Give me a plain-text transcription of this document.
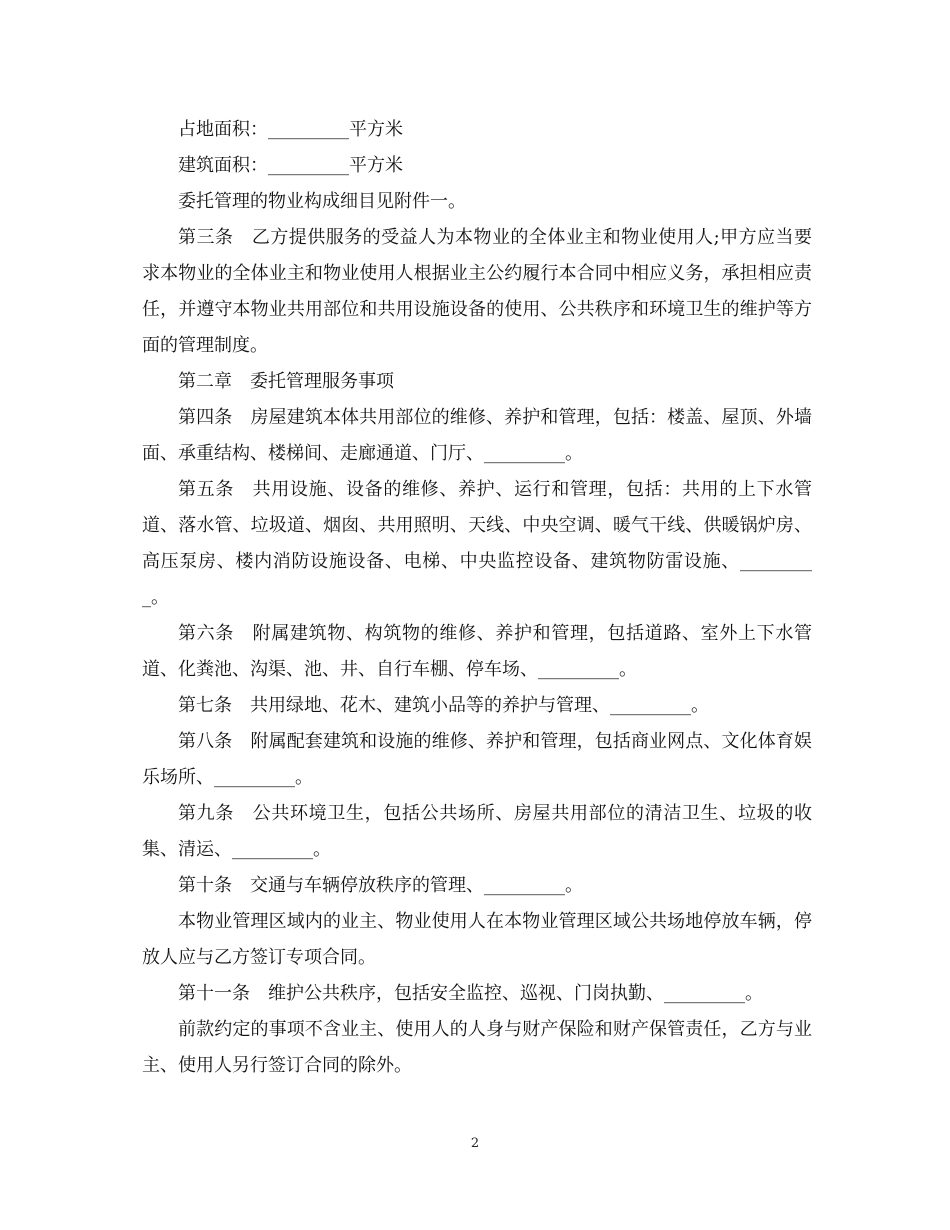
占地面积：_________平方米

建筑面积：_________平方米

委托管理的物业构成细目见附件一。

第三条　乙方提供服务的受益人为本物业的全体业主和物业使用人;甲方应当要求本物业的全体业主和物业使用人根据业主公约履行本合同中相应义务，承担相应责任，并遵守本物业共用部位和共用设施设备的使用、公共秩序和环境卫生的维护等方面的管理制度。

第二章　委托管理服务事项

第四条　房屋建筑本体共用部位的维修、养护和管理，包括：楼盖、屋顶、外墙面、承重结构、楼梯间、走廊通道、门厅、_________。

第五条　共用设施、设备的维修、养护、运行和管理，包括：共用的上下水管道、落水管、垃圾道、烟囱、共用照明、天线、中央空调、暖气干线、供暖锅炉房、高压泵房、楼内消防设施设备、电梯、中央监控设备、建筑物防雷设施、_________。

第六条　附属建筑物、构筑物的维修、养护和管理，包括道路、室外上下水管道、化粪池、沟渠、池、井、自行车棚、停车场、_________。

第七条　共用绿地、花木、建筑小品等的养护与管理、_________。

第八条　附属配套建筑和设施的维修、养护和管理，包括商业网点、文化体育娱乐场所、_________。

第九条　公共环境卫生，包括公共场所、房屋共用部位的清洁卫生、垃圾的收集、清运、_________。

第十条　交通与车辆停放秩序的管理、_________。

本物业管理区域内的业主、物业使用人在本物业管理区域公共场地停放车辆，停放人应与乙方签订专项合同。

第十一条　维护公共秩序，包括安全监控、巡视、门岗执勤、_________。

前款约定的事项不含业主、使用人的人身与财产保险和财产保管责任，乙方与业主、使用人另行签订合同的除外。

2
